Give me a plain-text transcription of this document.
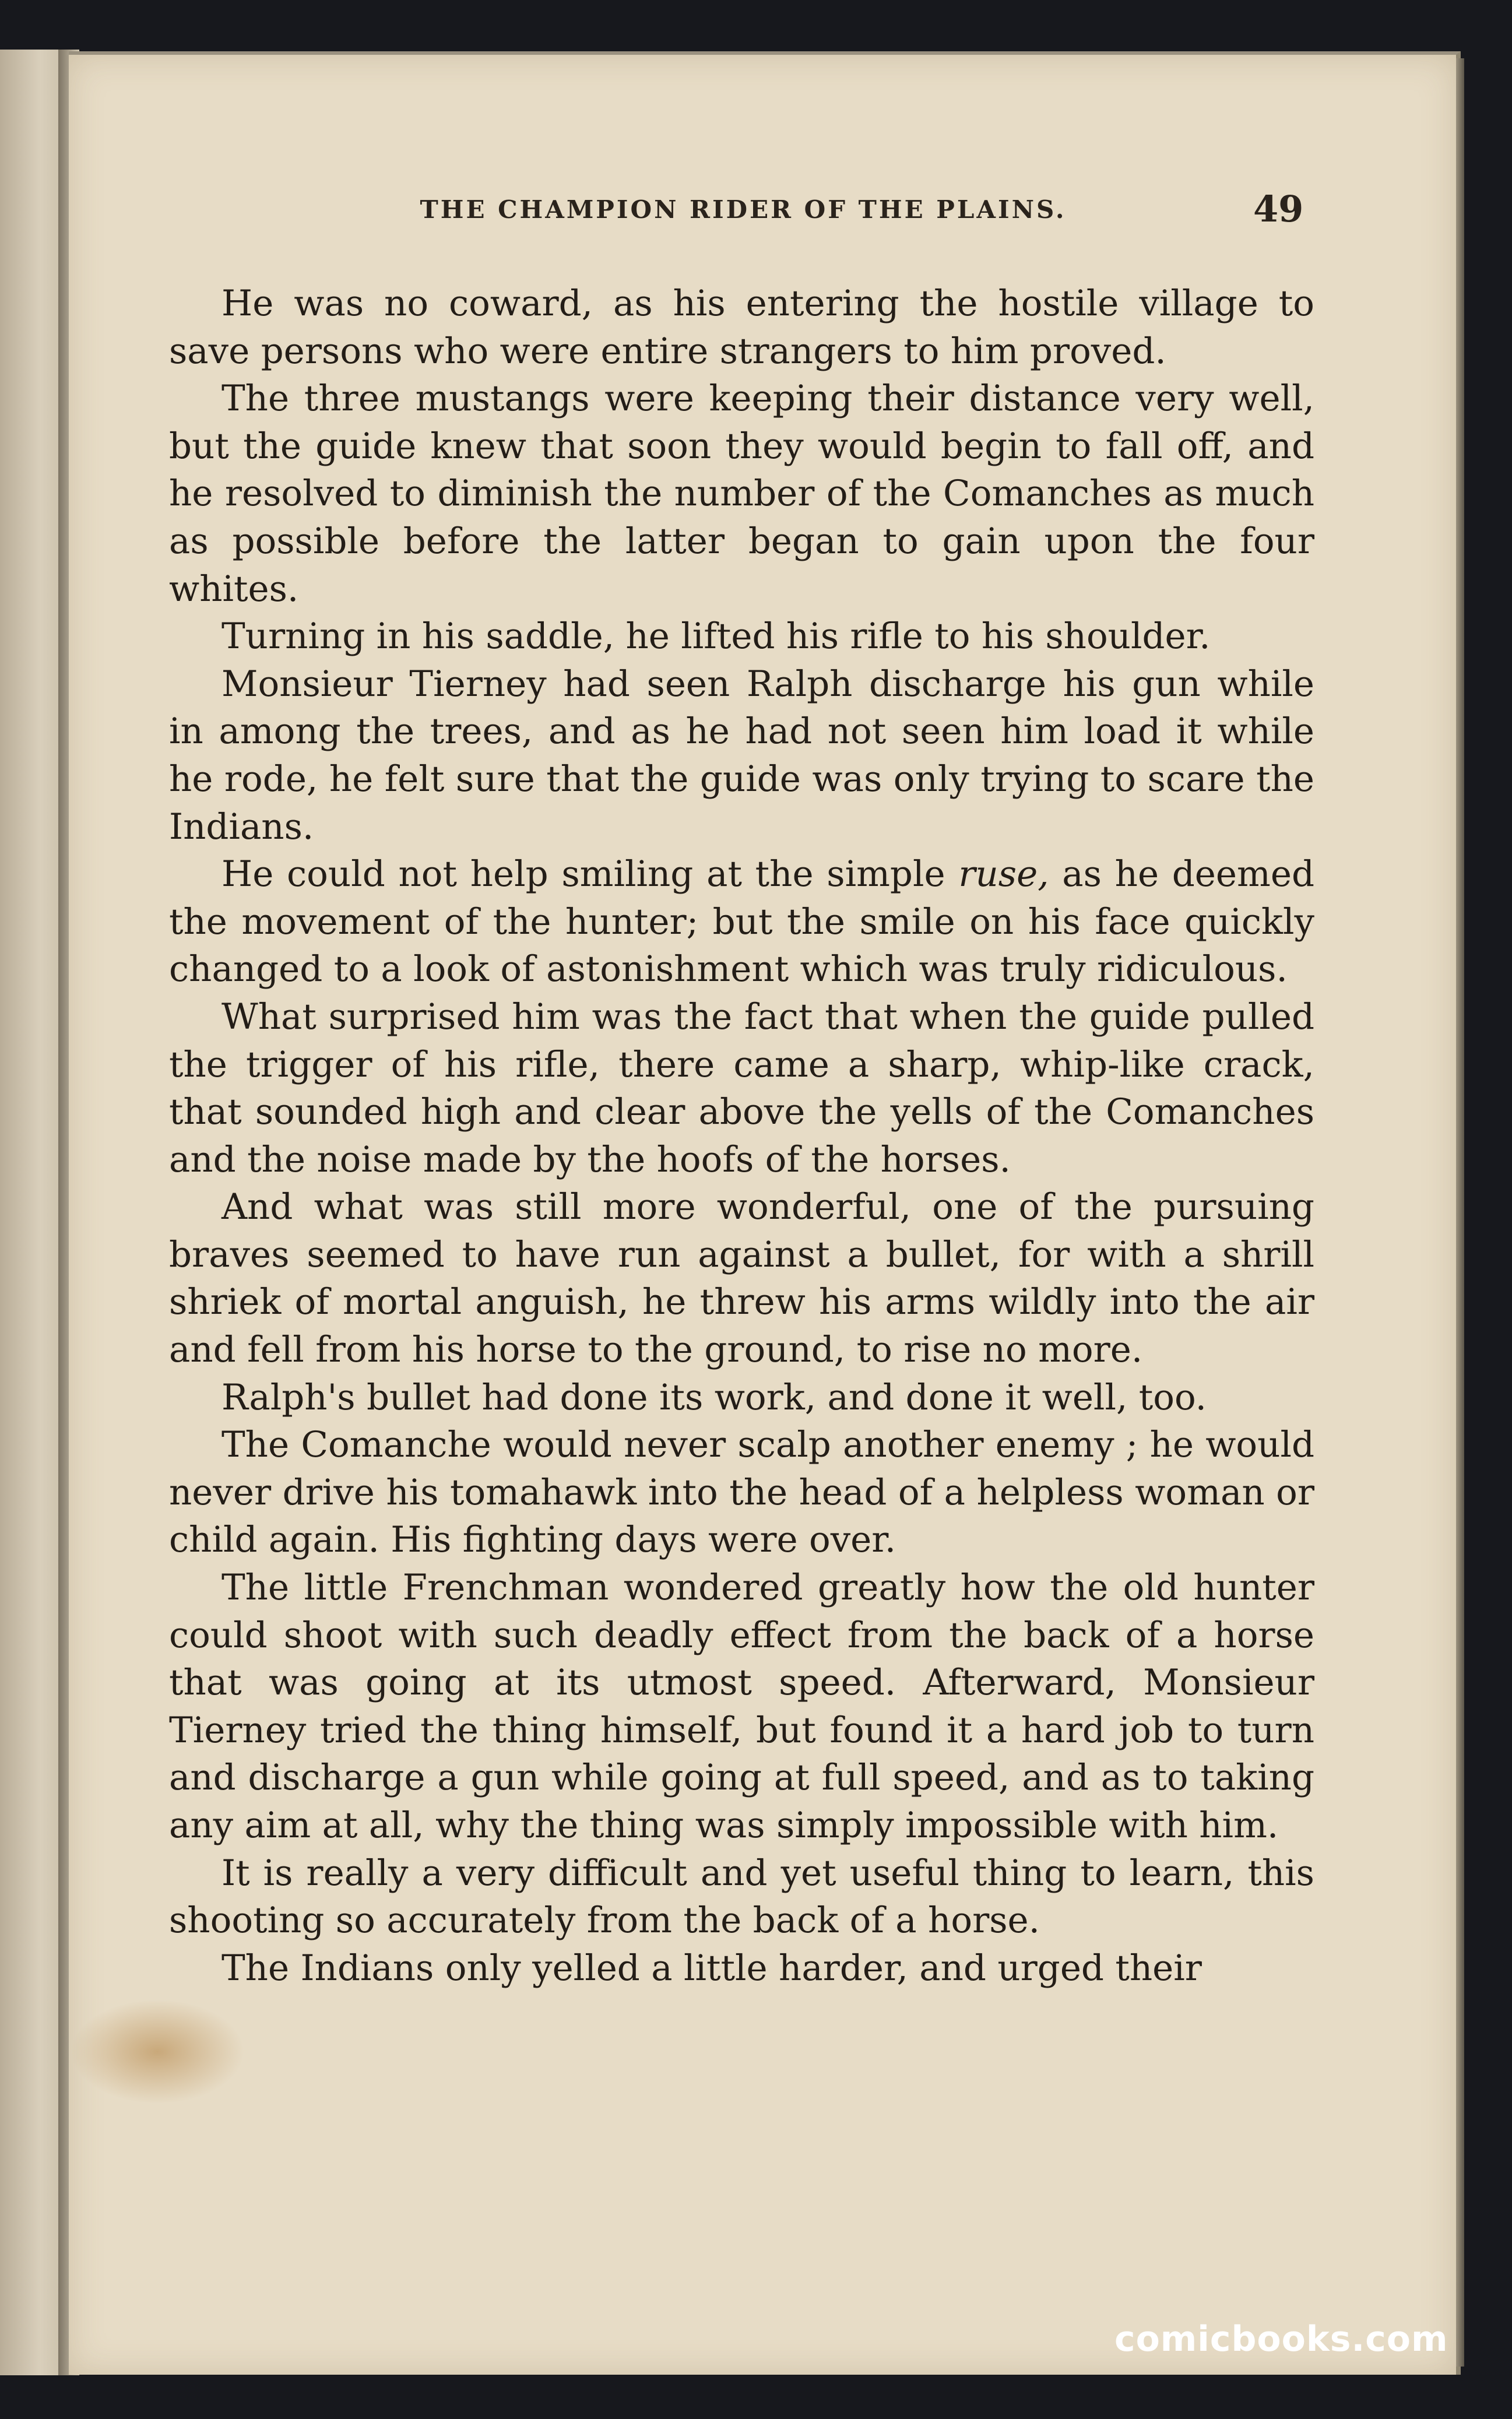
THE CHAMPION RIDER OF THE PLAINS.	49

He was no coward, as his entering the hostile village to save persons who were entire strangers to him proved.

The three mustangs were keeping their distance very well, but the guide knew that soon they would begin to fall off, and he resolved to diminish the number of the Comanches as much as possible before the latter began to gain upon the four whites.

Turning in his saddle, he lifted his rifle to his shoulder.

Monsieur Tierney had seen Ralph discharge his gun while in among the trees, and as he had not seen him load it while he rode, he felt sure that the guide was only trying to scare the Indians.

He could not help smiling at the simple ruse, as he deemed the movement of the hunter; but the smile on his face quickly changed to a look of astonishment which was truly ridiculous.

What surprised him was the fact that when the guide pulled the trigger of his rifle, there came a sharp, whip-like crack, that sounded high and clear above the yells of the Comanches and the noise made by the hoofs of the horses.

And what was still more wonderful, one of the pursuing braves seemed to have run against a bullet, for with a shrill shriek of mortal anguish, he threw his arms wildly into the air and fell from his horse to the ground, to rise no more.

Ralph's bullet had done its work, and done it well, too.

The Comanche would never scalp another enemy ; he would never drive his tomahawk into the head of a helpless woman or child again. His fighting days were over.

The little Frenchman wondered greatly how the old hunter could shoot with such deadly effect from the back of a horse that was going at its utmost speed. Afterward, Monsieur Tierney tried the thing himself, but found it a hard job to turn and discharge a gun while going at full speed, and as to taking any aim at all, why the thing was simply impossible with him.

It is really a very difficult and yet useful thing to learn, this shooting so accurately from the back of a horse.

The Indians only yelled a little harder, and urged their

comicbooks.com
